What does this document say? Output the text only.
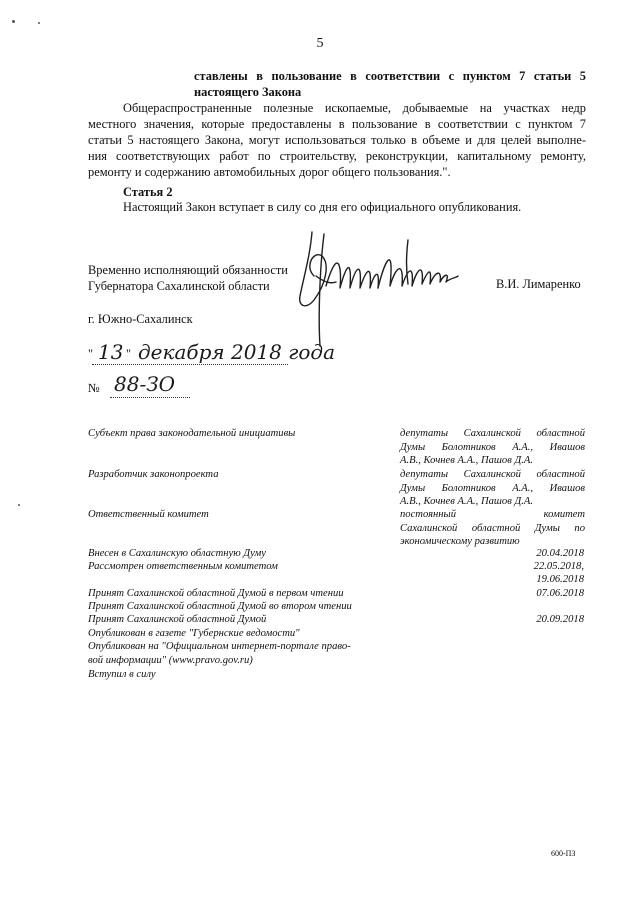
5
ставлены в пользование в соответствии с пунктом 7 статьи 5
настоящего Закона
Общераспространенные полезные ископаемые, добываемые на участках недр
местного значения, которые предоставлены в пользование в соответствии с пунктом 7
статьи 5 настоящего Закона, могут использоваться только в объеме и для целей выполне-
ния соответствующих работ по строительству, реконструкции, капитальному ремонту,
ремонту и содержанию автомобильных дорог общего пользования.".
Статья 2
Настоящий Закон вступает в силу со дня его официального опубликования.
Временно исполняющий обязанности
Губернатора Сахалинской области	В.И. Лимаренко
г. Южно-Сахалинск
" 13 " декабря 2018 года
№ 88-ЗО
Субъект права законодательной инициативы	депутаты Сахалинской областной
Думы Болотников А.А., Ивашов
А.В., Кочнев А.А., Пашов Д.А.
Разработчик законопроекта	депутаты Сахалинской областной
Думы Болотников А.А., Ивашов
А.В., Кочнев А.А., Пашов Д.А.
Ответственный комитет	постоянный комитет
Сахалинской областной Думы по
экономическому развитию
Внесен в Сахалинскую областную Думу	20.04.2018
Рассмотрен ответственным комитетом	22.05.2018,
19.06.2018
Принят Сахалинской областной Думой в первом чтении	07.06.2018
Принят Сахалинской областной Думой во втором чтении
Принят Сахалинской областной Думой	20.09.2018
Опубликован в газете "Губернские ведомости"
Опубликован на "Официальном интернет-портале право-
вой информации" (www.pravo.gov.ru)
Вступил в силу
600-ПЗ
